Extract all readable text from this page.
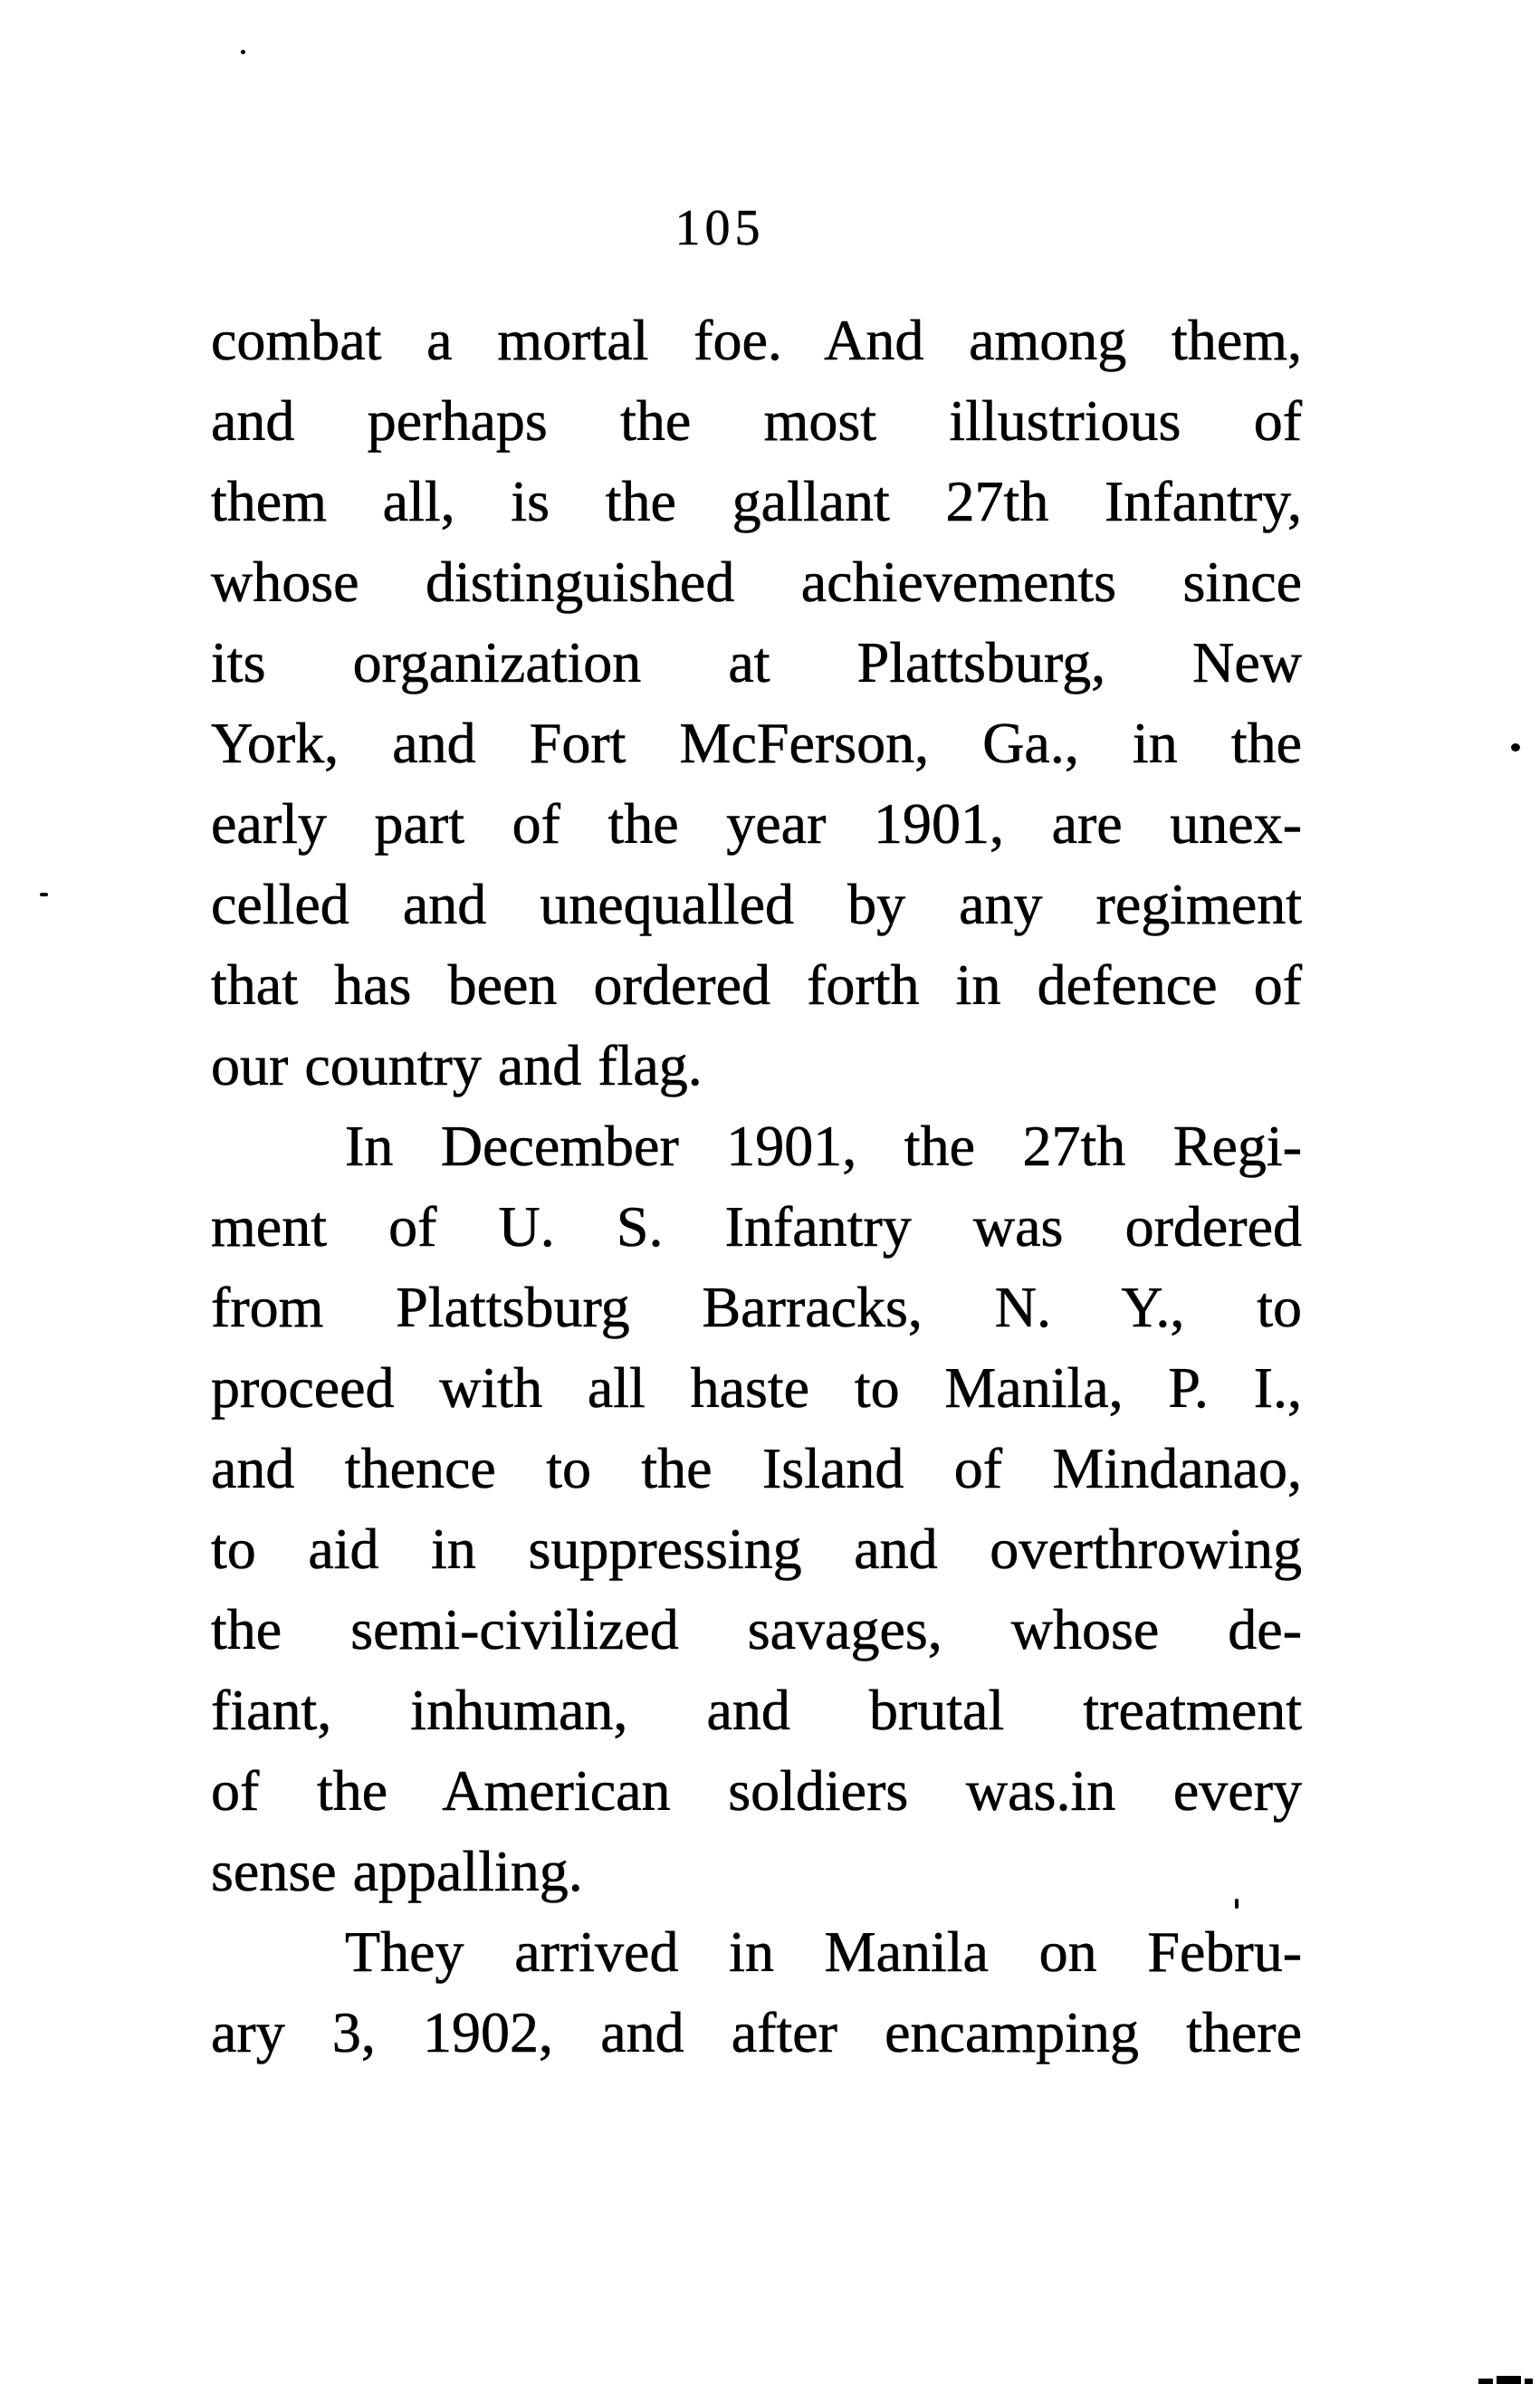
105

combat a mortal foe. And among them,

and perhaps the most illustrious of

them all, is the gallant 27th Infantry,

whose distinguished achievements since

its organization at Plattsburg, New

York, and Fort McFerson, Ga., in the

early part of the year 1901, are unex-

celled and unequalled by any regiment

that has been ordered forth in defence of

our country and flag.

In December 1901, the 27th Regi-

ment of U. S. Infantry was ordered

from Plattsburg Barracks, N. Y., to

proceed with all haste to Manila, P. I.,

and thence to the Island of Mindanao,

to aid in suppressing and overthrowing

the semi-civilized savages, whose de-

fiant, inhuman, and brutal treatment

of the American soldiers was.in every

sense appalling.

They arrived in Manila on Febru-

ary 3, 1902, and after encamping there
